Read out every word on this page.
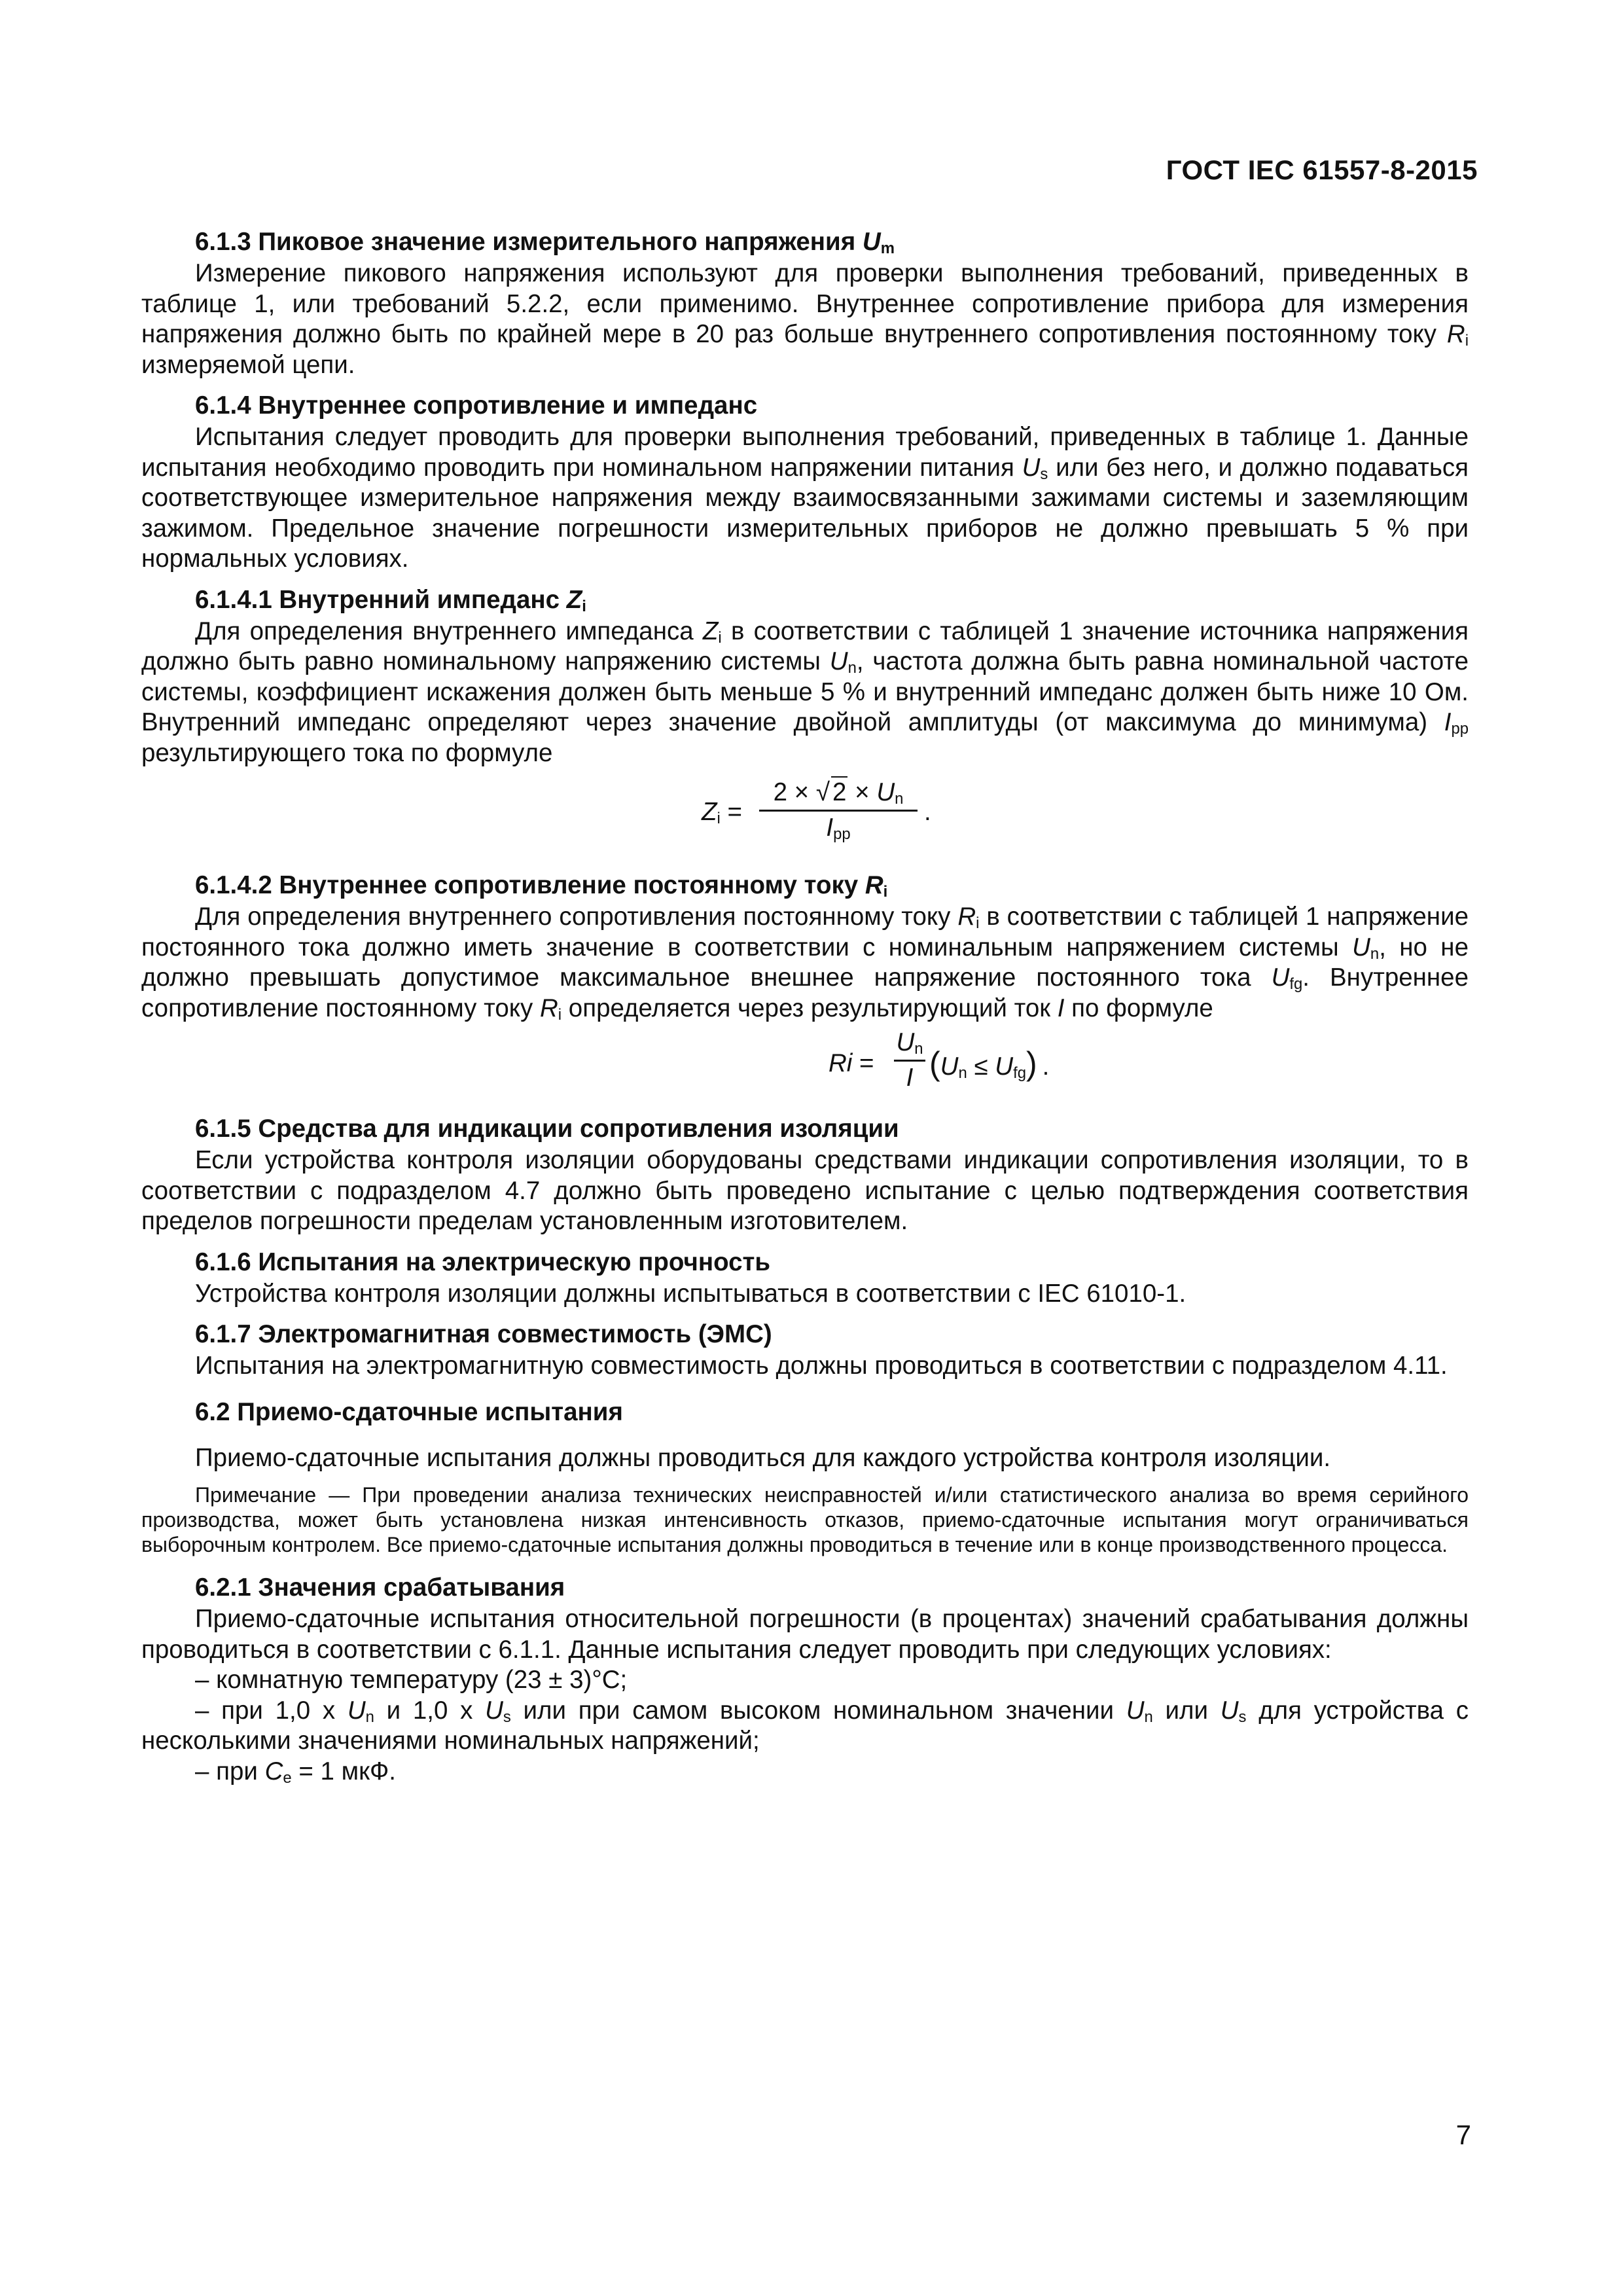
ГОСТ IEC 61557-8-2015

6.1.3 Пиковое значение измерительного напряжения $U_m$

Измерение пикового напряжения используют для проверки выполнения требований, приведенных в таблице 1, или требований 5.2.2, если применимо. Внутреннее сопротивление прибора для измерения напряжения должно быть по крайней мере в 20 раз больше внутреннего сопротивления постоянному току $R_i$ измеряемой цепи.

6.1.4 Внутреннее сопротивление и импеданс

Испытания следует проводить для проверки выполнения требований, приведенных в таблице 1. Данные испытания необходимо проводить при номинальном напряжении питания $U_s$ или без него, и должно подаваться соответствующее измерительное напряжения между взаимосвязанными зажимами системы и заземляющим зажимом. Предельное значение погрешности измерительных приборов не должно превышать 5 % при нормальных условиях.

6.1.4.1 Внутренний импеданс $Z_i$

Для определения внутреннего импеданса $Z_i$ в соответствии с таблицей 1 значение источника напряжения должно быть равно номинальному напряжению системы $U_n$, частота должна быть равна номинальной частоте системы, коэффициент искажения должен быть меньше 5 % и внутренний импеданс должен быть ниже 10 Ом. Внутренний импеданс определяют через значение двойной амплитуды (от максимума до минимума) $I_{pp}$ результирующего тока по формуле

$Z_i$ =
2 × √ $2 \times U_n$
$I_{pp}$
.

6.1.4.2 Внутреннее сопротивление постоянному току $R_i$

Для определения внутреннего сопротивления постоянному току $R_i$ в соответствии с таблицей 1 напряжение постоянного тока должно иметь значение в соответствии с номинальным напряжением системы $U_n$, но не должно превышать допустимое максимальное внешнее напряжение постоянного тока $U_{fg}$. Внутреннее сопротивление постоянному току $R_i$ определяется через результирующий ток I по формуле

Ri =
$U_n$
I $(U_n \le U_{fg})$ .

6.1.5 Средства для индикации сопротивления изоляции

Если устройства контроля изоляции оборудованы средствами индикации сопротивления изоляции, то в соответствии с подразделом 4.7 должно быть проведено испытание с целью подтверждения соответствия пределов погрешности пределам установленным изготовителем.

6.1.6 Испытания на электрическую прочность

Устройства контроля изоляции должны испытываться в соответствии с IEC 61010-1.

6.1.7 Электромагнитная совместимость (ЭМС)

Испытания на электромагнитную совместимость должны проводиться в соответствии с подразделом 4.11.

6.2 Приемо-сдаточные испытания

Приемо-сдаточные испытания должны проводиться для каждого устройства контроля изоляции.

Примечание — При проведении анализа технических неисправностей и/или статистического анализа во время серийного производства, может быть установлена низкая интенсивность отказов, приемо-сдаточные испытания могут ограничиваться выборочным контролем. Все приемо-сдаточные испытания должны проводиться в течение или в конце производственного процесса.

6.2.1 Значения срабатывания

Приемо-сдаточные испытания относительной погрешности (в процентах) значений срабатывания должны проводиться в соответствии с 6.1.1. Данные испытания следует проводить при следующих условиях:

– комнатную температуру (23 ± 3)°C;

– при 1,0 x $U_n$ и 1,0 x $U_s$ или при самом высоком номинальном значении $U_n$ или $U_s$ для устройства с несколькими значениями номинальных напряжений;

– при $C_e = 1$ мкФ.

7
